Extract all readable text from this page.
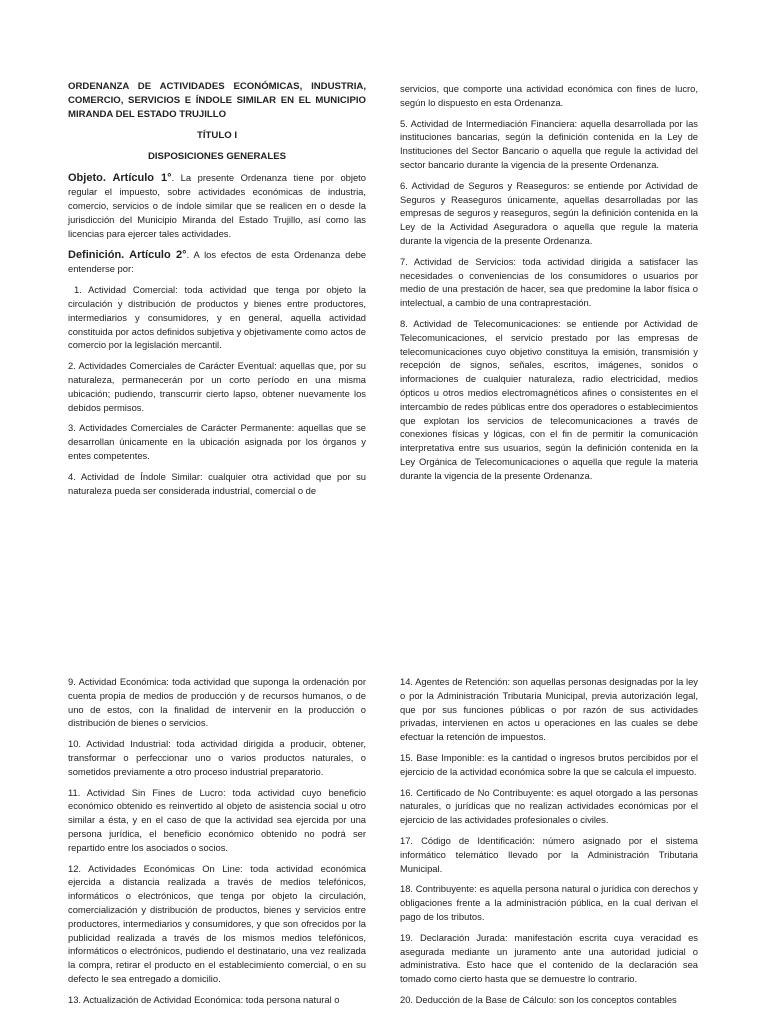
ORDENANZA DE ACTIVIDADES ECONÓMICAS, INDUSTRIA, COMERCIO, SERVICIOS E ÍNDOLE SIMILAR EN EL MUNICIPIO MIRANDA DEL ESTADO TRUJILLO

TÍTULO I

DISPOSICIONES GENERALES

Objeto. Artículo 1°. La presente Ordenanza tiene por objeto regular el impuesto, sobre actividades económicas de industria, comercio, servicios o de índole similar que se realicen en o desde la jurisdicción del Municipio Miranda del Estado Trujillo, así como las licencias para ejercer tales actividades.

Definición. Artículo 2°. A los efectos de esta Ordenanza debe entenderse por:

1. Actividad Comercial: toda actividad que tenga por objeto la circulación y distribución de productos y bienes entre productores, intermediarios y consumidores, y en general, aquella actividad constituida por actos definidos subjetiva y objetivamente como actos de comercio por la legislación mercantil.

2. Actividades Comerciales de Carácter Eventual: aquellas que, por su naturaleza, permanecerán por un corto período en una misma ubicación; pudiendo, transcurrir cierto lapso, obtener nuevamente los debidos permisos.

3. Actividades Comerciales de Carácter Permanente: aquellas que se desarrollan únicamente en la ubicación asignada por los órganos y entes competentes.

4. Actividad de Índole Similar: cualquier otra actividad que por su naturaleza pueda ser considerada industrial, comercial o de

servicios, que comporte una actividad económica con fines de lucro, según lo dispuesto en esta Ordenanza.

5. Actividad de Intermediación Financiera: aquella desarrollada por las instituciones bancarias, según la definición contenida en la Ley de Instituciones del Sector Bancario o aquella que regule la actividad del sector bancario durante la vigencia de la presente Ordenanza.

6. Actividad de Seguros y Reaseguros: se entiende por Actividad de Seguros y Reaseguros únicamente, aquellas desarrolladas por las empresas de seguros y reaseguros, según la definición contenida en la Ley de la Actividad Aseguradora o aquella que regule la materia durante la vigencia de la presente Ordenanza.

7. Actividad de Servicios: toda actividad dirigida a satisfacer las necesidades o conveniencias de los consumidores o usuarios por medio de una prestación de hacer, sea que predomine la labor física o intelectual, a cambio de una contraprestación.

8. Actividad de Telecomunicaciones: se entiende por Actividad de Telecomunicaciones, el servicio prestado por las empresas de telecomunicaciones cuyo objetivo constituya la emisión, transmisión y recepción de signos, señales, escritos, imágenes, sonidos o informaciones de cualquier naturaleza, radio electricidad, medios ópticos u otros medios electromagnéticos afines o consistentes en el intercambio de redes públicas entre dos operadores o establecimientos que explotan los servicios de telecomunicaciones a través de conexiones físicas y lógicas, con el fin de permitir la comunicación interpretativa entre sus usuarios, según la definición contenida en la Ley Orgánica de Telecomunicaciones o aquella que regule la materia durante la vigencia de la presente Ordenanza.

9. Actividad Económica: toda actividad que suponga la ordenación por cuenta propia de medios de producción y de recursos humanos, o de uno de estos, con la finalidad de intervenir en la producción o distribución de bienes o servicios.

10. Actividad Industrial: toda actividad dirigida a producir, obtener, transformar o perfeccionar uno o varios productos naturales, o sometidos previamente a otro proceso industrial preparatorio.

11. Actividad Sin Fines de Lucro: toda actividad cuyo beneficio económico obtenido es reinvertido al objeto de asistencia social u otro similar a ésta, y en el caso de que la actividad sea ejercida por una persona jurídica, el beneficio económico obtenido no podrá ser repartido entre los asociados o socios.

12. Actividades Económicas On Line: toda actividad económica ejercida a distancia realizada a través de medios telefónicos, informáticos o electrónicos, que tenga por objeto la circulación, comercialización y distribución de productos, bienes y servicios entre productores, intermediarios y consumidores, y que son ofrecidos por la publicidad realizada a través de los mismos medios telefónicos, informáticos o electrónicos, pudiendo el destinatario, una vez realizada la compra, retirar el producto en el establecimiento comercial, o en su defecto le sea entregado a domicilio.

13. Actualización de Actividad Económica: toda persona natural o

14. Agentes de Retención: son aquellas personas designadas por la ley o por la Administración Tributaria Municipal, previa autorización legal, que por sus funciones públicas o por razón de sus actividades privadas, intervienen en actos u operaciones en las cuales se debe efectuar la retención de impuestos.

15. Base Imponible: es la cantidad o ingresos brutos percibidos por el ejercicio de la actividad económica sobre la que se calcula el impuesto.

16. Certificado de No Contribuyente: es aquel otorgado a las personas naturales, o jurídicas que no realizan actividades económicas por el ejercicio de las actividades profesionales o civiles.

17. Código de Identificación: número asignado por el sistema informático telemático llevado por la Administración Tributaria Municipal.

18. Contribuyente: es aquella persona natural o jurídica con derechos y obligaciones frente a la administración pública, en la cual derivan el pago de los tributos.

19. Declaración Jurada: manifestación escrita cuya veracidad es asegurada mediante un juramento ante una autoridad judicial o administrativa. Esto hace que el contenido de la declaración sea tomado como cierto hasta que se demuestre lo contrario.

20. Deducción de la Base de Cálculo: son los conceptos contables
